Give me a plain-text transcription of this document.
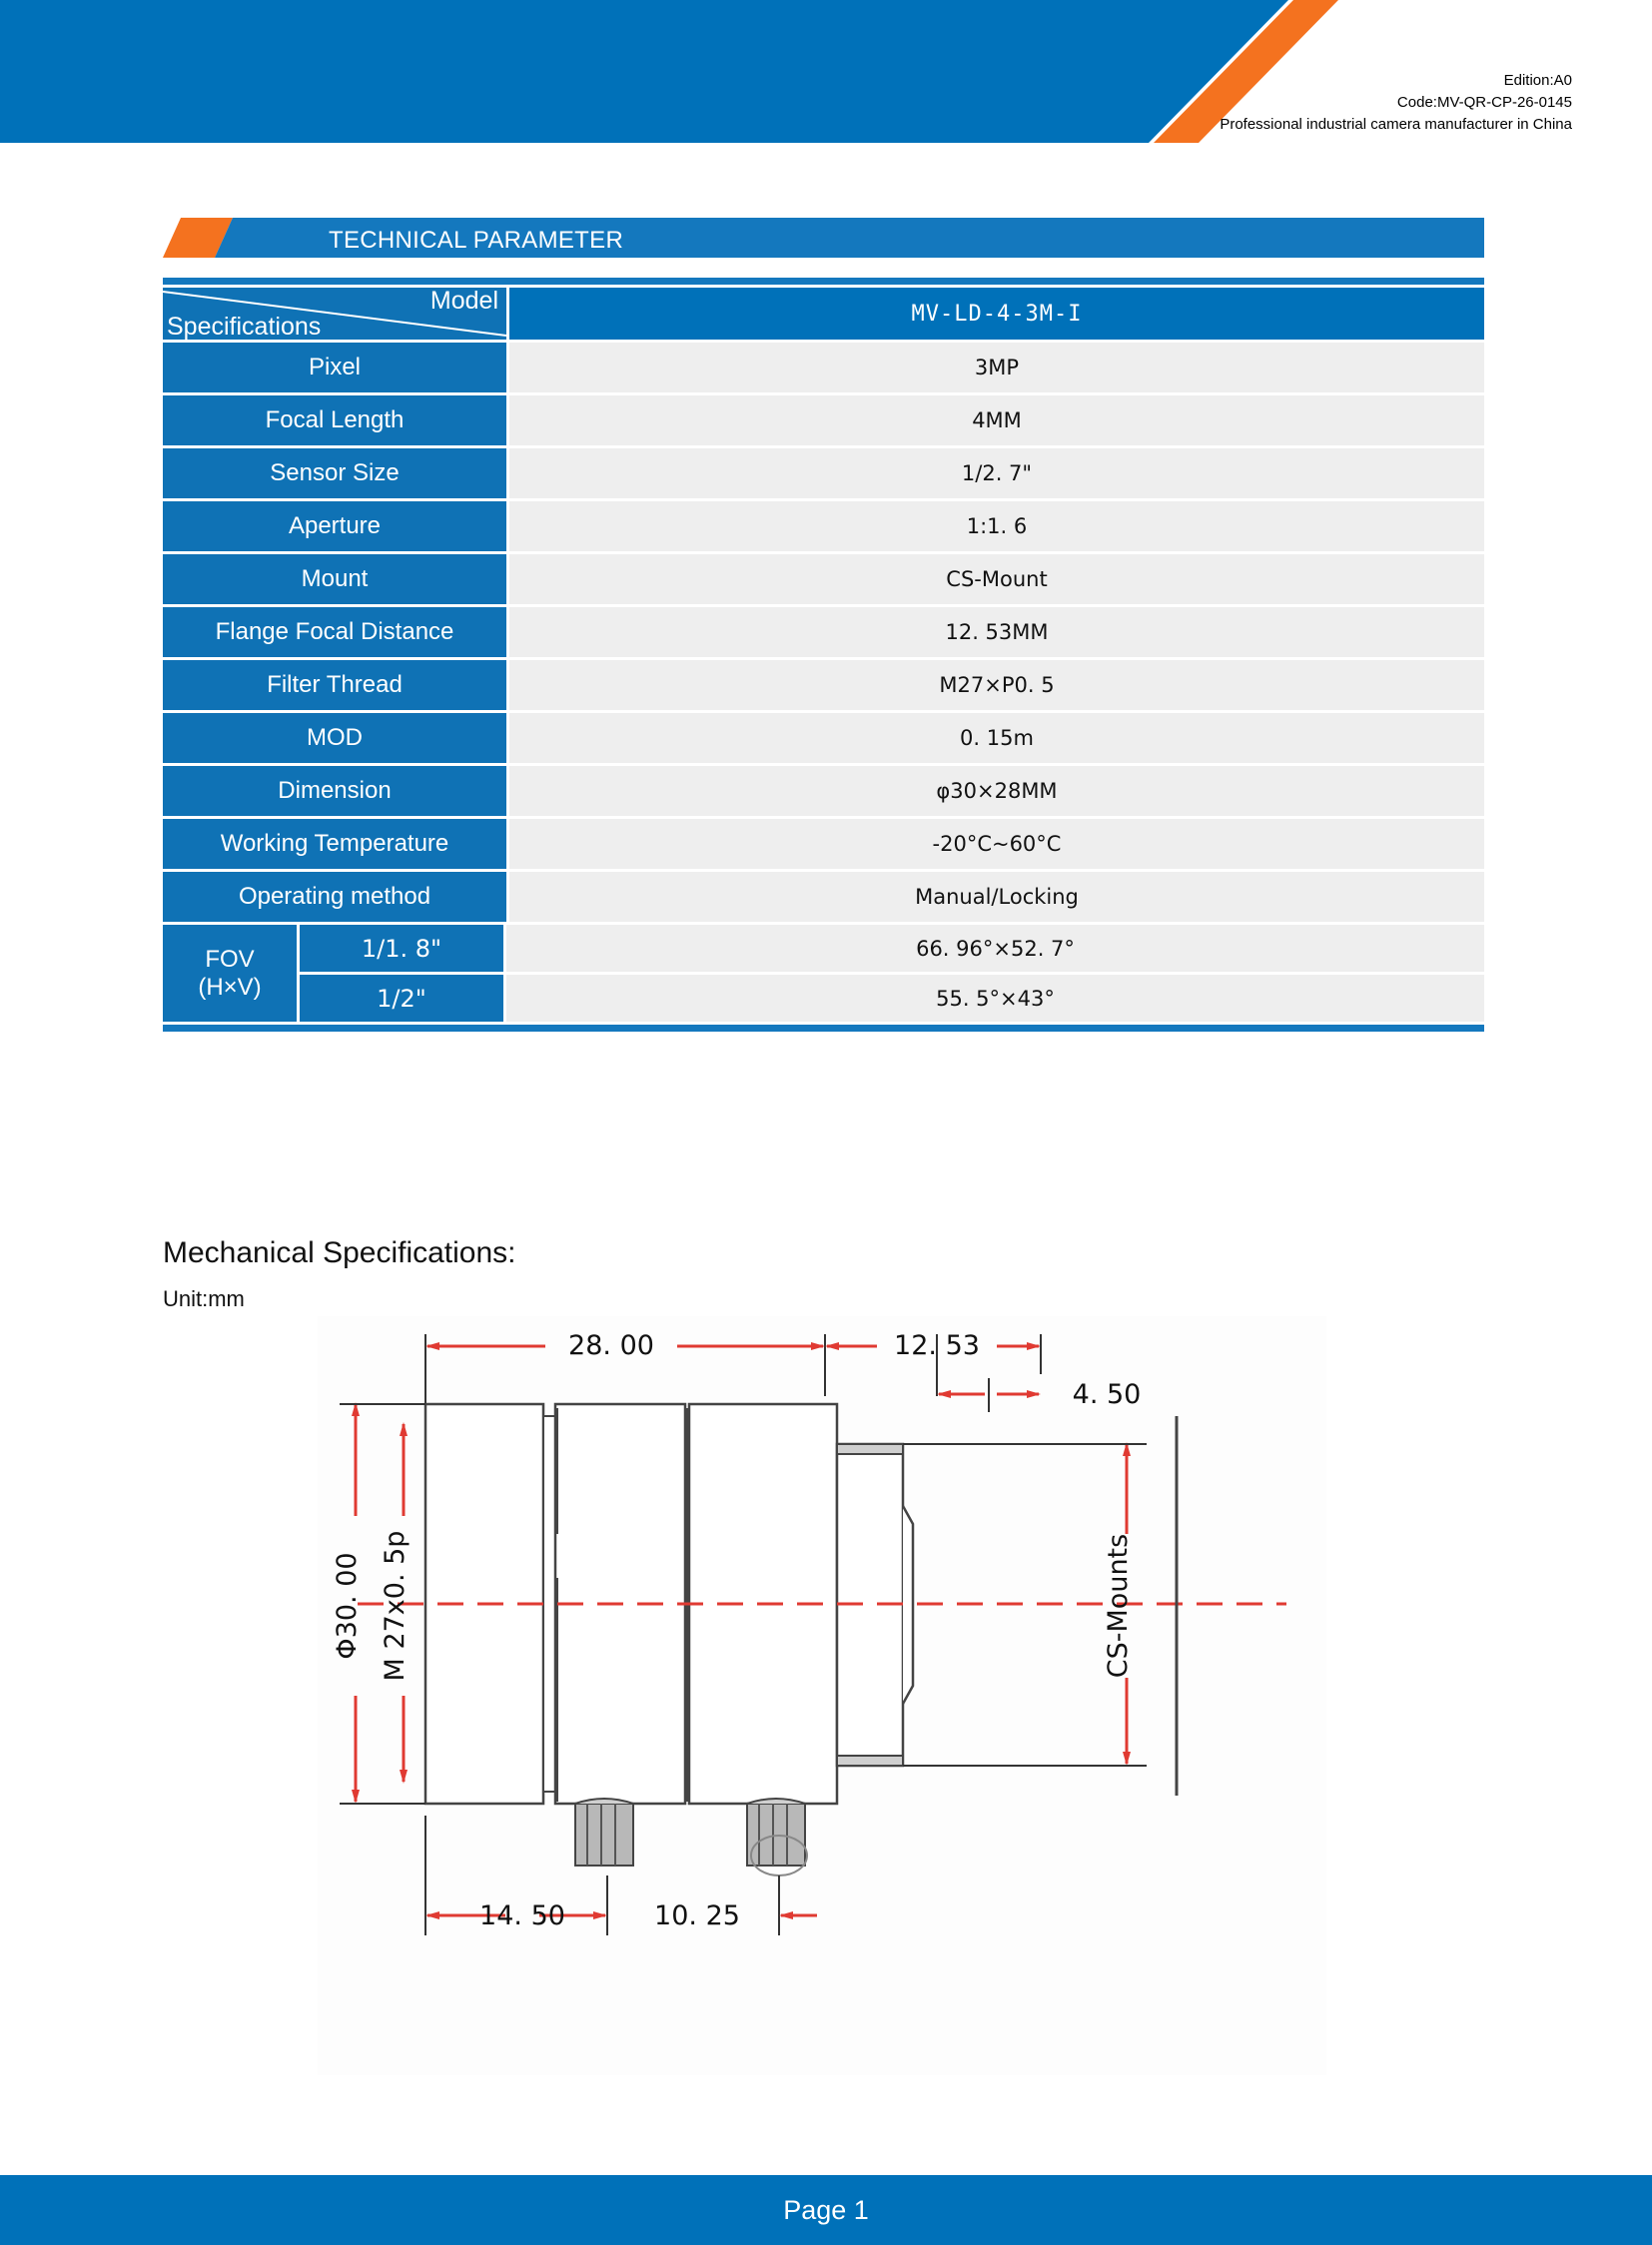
Edition:A0
Code:MV-QR-CP-26-0145
Professional industrial camera manufacturer in China
TECHNICAL PARAMETER
Model
Specifications	MV-LD-4-3M-I
Pixel	3MP
Focal Length	4MM
Sensor Size	1/2. 7"
Aperture	1:1. 6
Mount	CS-Mount
Flange Focal Distance	12. 53MM
Filter Thread	M27×P0. 5
MOD	0. 15m
Dimension	φ30×28MM
Working Temperature	-20°C~60°C
Operating method	Manual/Locking
FOV
(H×V)
1/1. 8"	66. 96°×52. 7°
1/2"	55. 5°×43°
Mechanical Specifications:
Unit:mm
28. 00	12. 53
4. 50
Φ30. 00 M 27x0. 5p	CS-Mounts
14. 50	10. 25
Page 1
